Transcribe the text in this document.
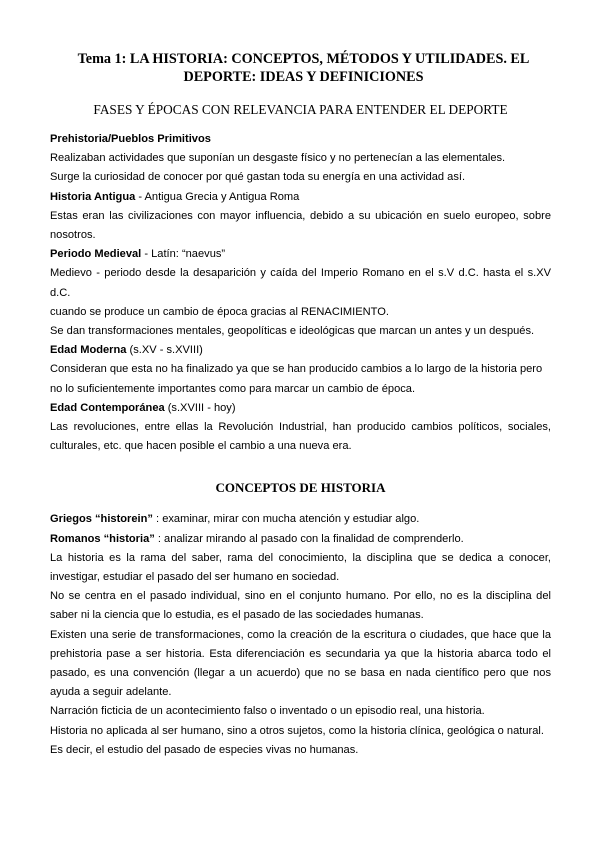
Tema 1: LA HISTORIA: CONCEPTOS, MÉTODOS Y UTILIDADES. EL
DEPORTE: IDEAS Y DEFINICIONES
FASES Y ÉPOCAS CON RELEVANCIA PARA ENTENDER EL DEPORTE
Prehistoria/Pueblos Primitivos
Realizaban actividades que suponían un desgaste físico y no pertenecían a las elementales.
Surge la curiosidad de conocer por qué gastan toda su energía en una actividad así.
Historia Antigua - Antigua Grecia y Antigua Roma
Estas eran las civilizaciones con mayor influencia, debido a su ubicación en suelo europeo, sobre
nosotros.
Periodo Medieval - Latín: “naevus”
Medievo - periodo desde la desaparición y caída del Imperio Romano en el s.V d.C. hasta el s.XV
d.C.
cuando se produce un cambio de época gracias al RENACIMIENTO.
Se dan transformaciones mentales, geopolíticas e ideológicas que marcan un antes y un después.
Edad Moderna (s.XV - s.XVIII)
Consideran que esta no ha finalizado ya que se han producido cambios a lo largo de la historia pero
no lo suficientemente importantes como para marcar un cambio de época.
Edad Contemporánea (s.XVIII - hoy)
Las revoluciones, entre ellas la Revolución Industrial, han producido cambios políticos, sociales,
culturales, etc. que hacen posible el cambio a una nueva era.
CONCEPTOS DE HISTORIA
Griegos “historein” : examinar, mirar con mucha atención y estudiar algo.
Romanos “historia” : analizar mirando al pasado con la finalidad de comprenderlo.
La historia es la rama del saber, rama del conocimiento, la disciplina que se dedica a conocer,
investigar, estudiar el pasado del ser humano en sociedad.
No se centra en el pasado individual, sino en el conjunto humano. Por ello, no es la disciplina del
saber ni la ciencia que lo estudia, es el pasado de las sociedades humanas.
Existen una serie de transformaciones, como la creación de la escritura o ciudades, que hace que la
prehistoria pase a ser historia. Esta diferenciación es secundaria ya que la historia abarca todo el
pasado, es una convención (llegar a un acuerdo) que no se basa en nada científico pero que nos
ayuda a seguir adelante.
Narración ficticia de un acontecimiento falso o inventado o un episodio real, una historia.
Historia no aplicada al ser humano, sino a otros sujetos, como la historia clínica, geológica o natural.
Es decir, el estudio del pasado de especies vivas no humanas.
